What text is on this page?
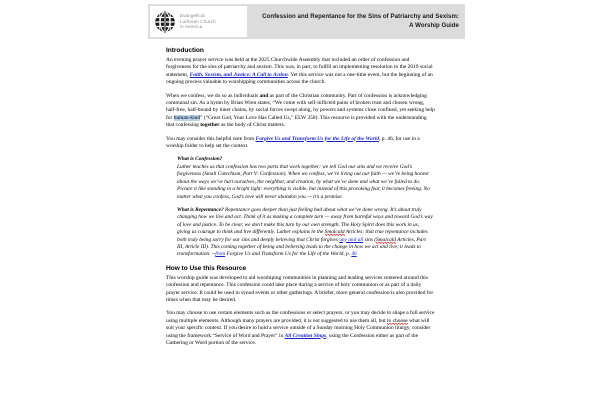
Evangelical
Lutheran Church
in America
Confession and Repentance for the Sins of Patriarchy and Sexism:
A Worship Guide
Introduction

An evening prayer service was held at the 2025 Churchwide Assembly that included an order of confession and forgiveness for the sins of patriarchy and sexism. This was, in part, to fulfill an implementing resolution to the 2019 social statement, Faith, Sexism, and Justice: A Call to Action. Yet this service was not a one-time event, but the beginning of an ongoing process valuable to worshipping communities across the church.

When we confess, we do so as individuals and as part of the Christian community. Part of confession is acknowledging communal sin. As a hymn by Brian Wren states, “We come with self-inflicted pains of broken trust and chosen wrong, half-free, half-bound by inner chains, by social forces swept along, by powers and systems close confined, yet seeking help for human-kind” (“Great God, Your Love Has Called Us,” ELW 358). This resource is provided with the understanding that confessing together as the body of Christ matters.

You may consider this helpful note from Forgive Us and Transform Us for the Life of the World, p. 46, for use in a worship folder to help set the context.

What is Confession?
Luther teaches us that confession has two parts that work together: we tell God our sins and we receive God’s forgiveness (Small Catechism, Part V: Confession). When we confess, we’re living out our faith — we’re being honest about the ways we’ve hurt ourselves, the neighbor, and creation, by what we’ve done and what we’ve failed to do. Picture it like standing in a bright light: everything is visible, but instead of this provoking fear, it becomes freeing. No matter what you confess, God’s love will never abandon you — it’s a promise.

What is Repentance? Repentance goes deeper than just feeling bad about what we’ve done wrong. It’s about truly changing how we live and act. Think of it as making a complete turn — away from harmful ways and toward God’s way of love and justice. To be clear, we don’t make this turn by our own strength. The Holy Spirit does this work in us, giving us courage to think and live differently. Luther explains in the Smalcald Articles: that true repentance includes both truly being sorry for our sins and deeply believing that Christ forgives any and all sins (Smalcald Articles, Part III, Article III). This coming together of being and believing leads to the change in how we act and live; it leads to transformation. --from Forgive Us and Transform Us for the Life of the World, p. 46

How to Use this Resource

This worship guide was developed to aid worshiping communities in planning and leading services centered around this confession and repentance. This confession could take place during a service of holy communion or as part of a daily prayer service. It could be used in synod events or other gatherings. A briefer, more general confession is also provided for times when that may be desired.

You may choose to use certain elements such as the confessions or select prayers, or you may decide to shape a full service using multiple elements. Although many prayers are provided, it is not suggested to use them all, but to choose what will suit your specific context. If you desire to hold a service outside of a Sunday morning Holy Communion liturgy, consider using the framework “Service of Word and Prayer” in All Creation Sings, using the Confession either as part of the Gathering or Word portion of the service.
